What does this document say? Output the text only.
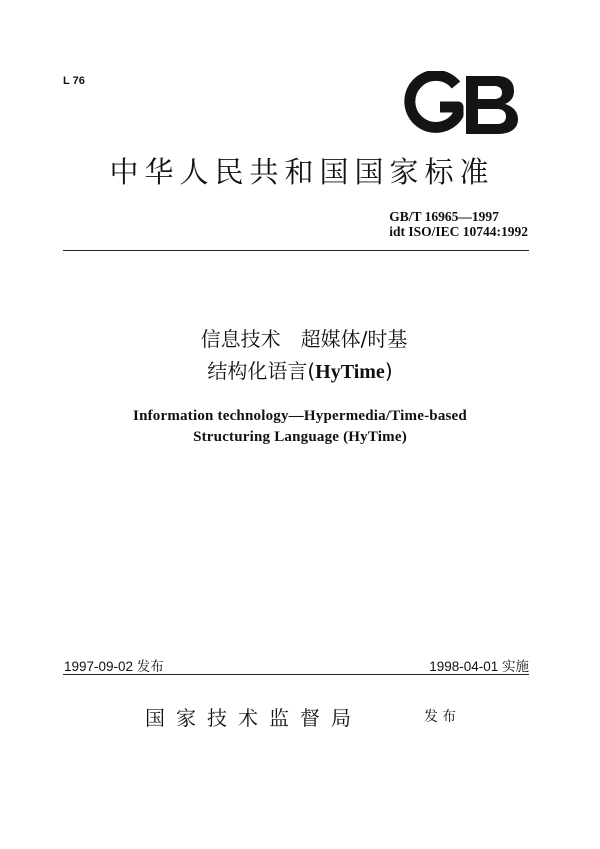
L 76
中华人民共和国国家标准
GB/T 16965—1997
idt ISO/IEC 10744:1992
信息技术　超媒体/时基
结构化语言(HyTime)
Information technology—Hypermedia/Time-based
Structuring Language (HyTime)
1997-09-02 发布	1998-04-01 实施
国家技术监督局	发布
